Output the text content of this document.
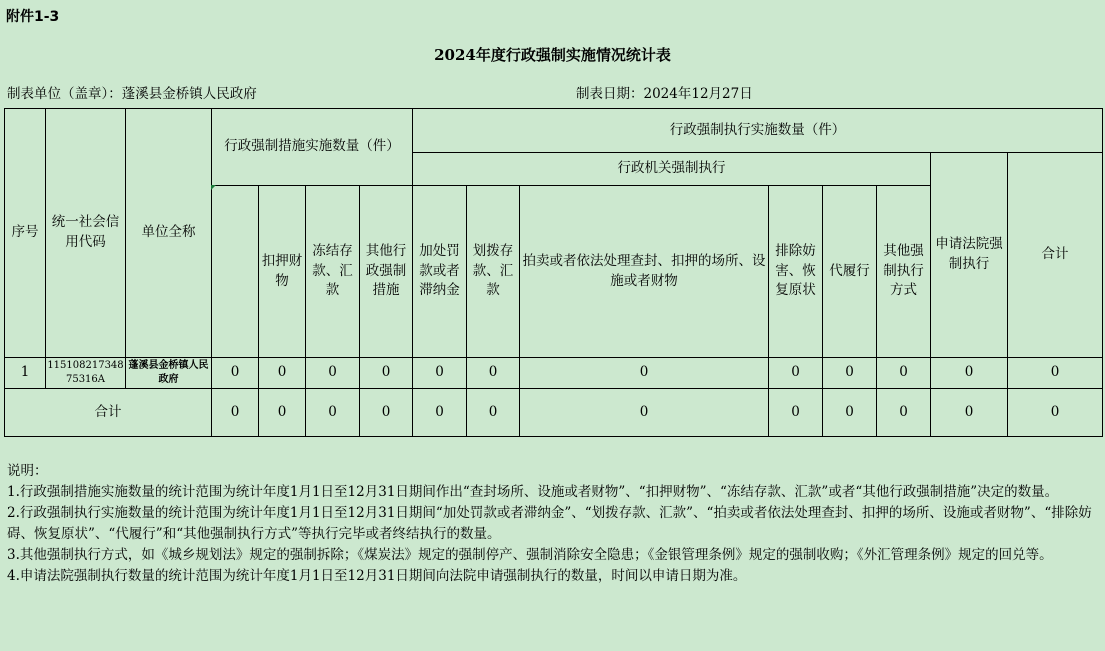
附件1-3
2024年度行政强制实施情况统计表
制表单位（盖章）：蓬溪县金桥镇人民政府	制表日期：2024年12月27日
序号	统一社会信用代码	单位全称	行政强制措施实施数量（件）				行政强制执行实施数量（件）							
							行政机关强制执行						申请法院强制执行	合计
				扣押财物	冻结存款、汇款	其他行政强制措施	加处罚款或者滞纳金	划拨存款、汇款	拍卖或者依法处理查封、扣押的场所、设施或者财物	排除妨害、恢复原状	代履行	其他强制执行方式		
1	11510821734875316A	蓬溪县金桥镇人民政府	0	0	0	0	0	0	0	0	0	0	0	0
合计			0	0	0	0	0	0	0	0	0	0	0	0

说明：

1.行政强制措施实施数量的统计范围为统计年度1月1日至12月31日期间作出“查封场所、设施或者财物”、“扣押财物”、“冻结存款、汇款”或者“其他行政强制措施”决定的数量。

2.行政强制执行实施数量的统计范围为统计年度1月1日至12月31日期间“加处罚款或者滞纳金”、“划拨存款、汇款”、“拍卖或者依法处理查封、扣押的场所、设施或者财物”、“排除妨碍、恢复原状”、“代履行”和“其他强制执行方式”等执行完毕或者终结执行的数量。

3.其他强制执行方式，如《城乡规划法》规定的强制拆除；《煤炭法》规定的强制停产、强制消除安全隐患；《金银管理条例》规定的强制收购；《外汇管理条例》规定的回兑等。

4.申请法院强制执行数量的统计范围为统计年度1月1日至12月31日期间向法院申请强制执行的数量，时间以申请日期为准。
